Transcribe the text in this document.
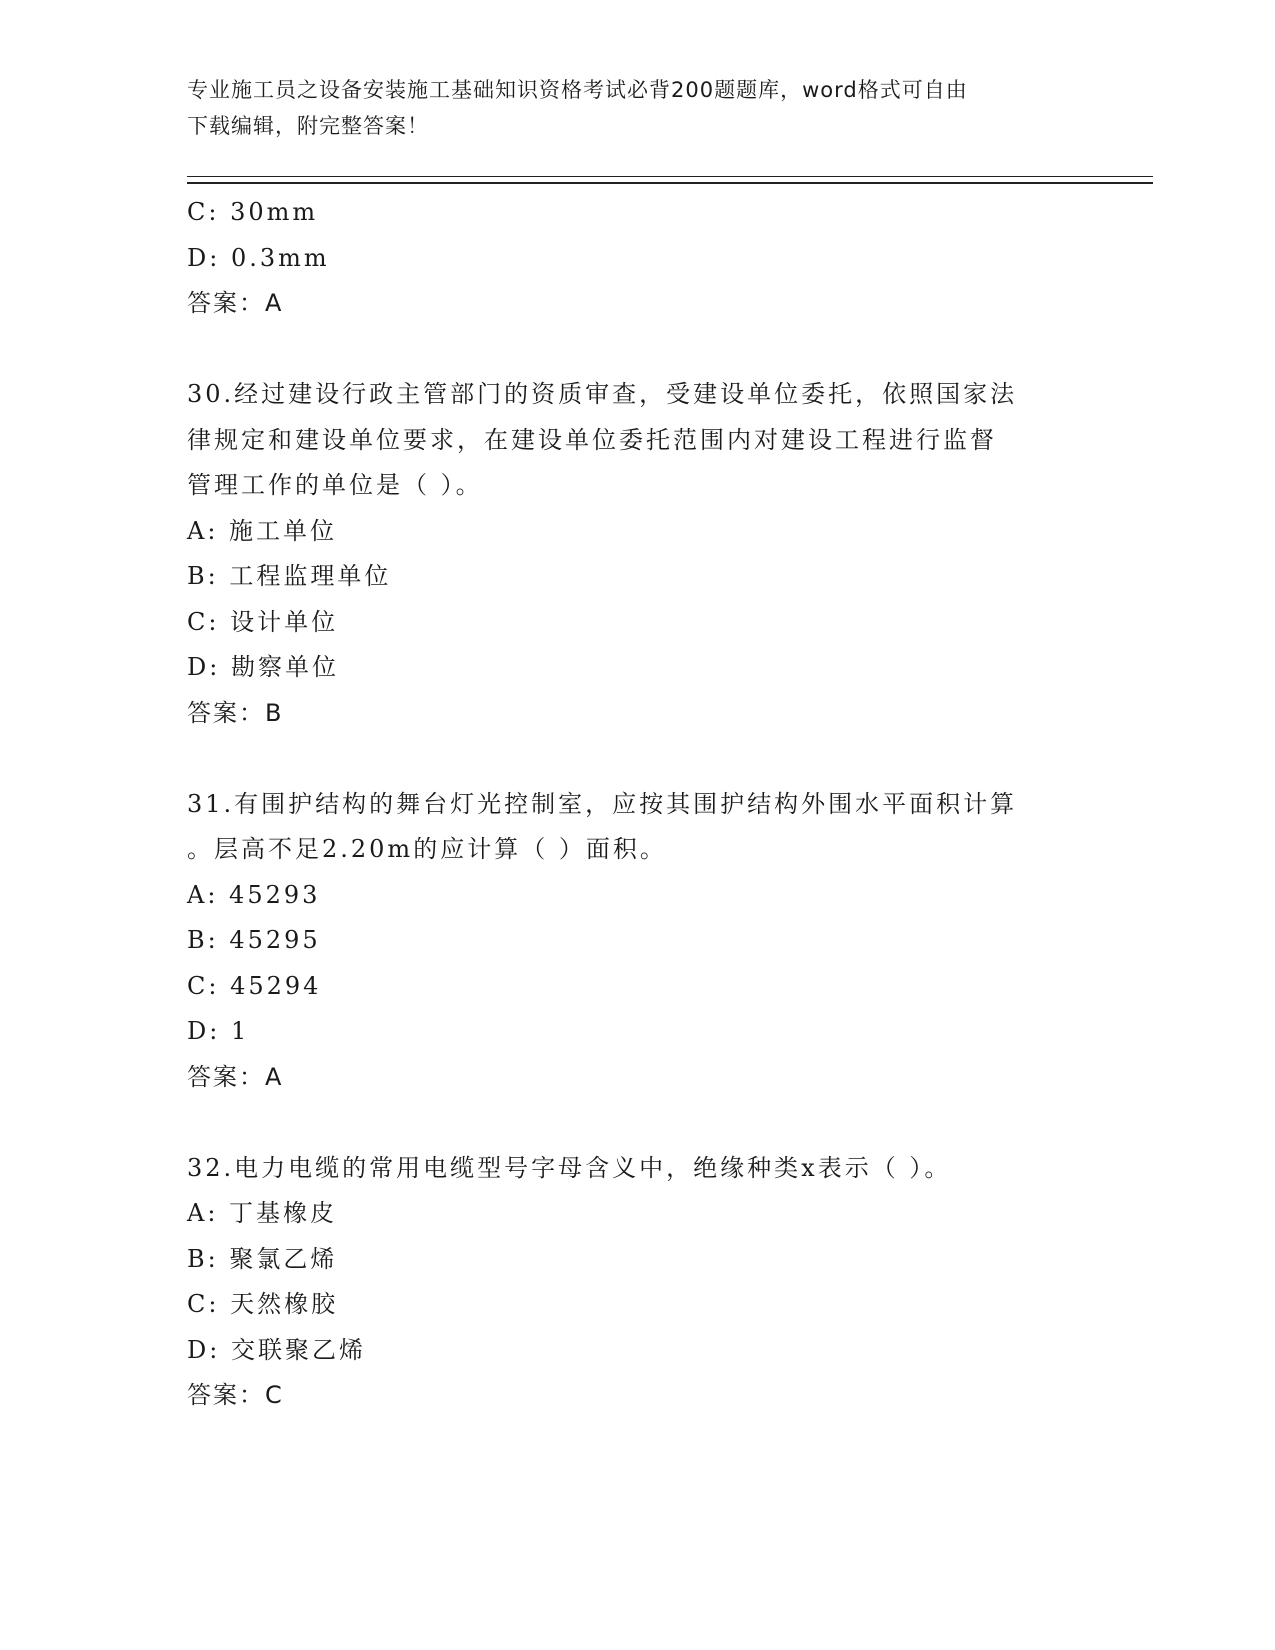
专业施工员之设备安装施工基础知识资格考试必背200题题库，word格式可自由
下载编辑，附完整答案！
C: 30mm
D: 0.3mm
答案：A
30.经过建设行政主管部门的资质审查，受建设单位委托，依照国家法
律规定和建设单位要求，在建设单位委托范围内对建设工程进行监督
管理工作的单位是（ ）。
A: 施工单位
B: 工程监理单位
C: 设计单位
D: 勘察单位
答案：B
31.有围护结构的舞台灯光控制室，应按其围护结构外围水平面积计算
。层高不足2.20m的应计算（ ）面积。
A: 45293
B: 45295
C: 45294
D: 1
答案：A
32.电力电缆的常用电缆型号字母含义中，绝缘种类x表示（ ）。
A: 丁基橡皮
B: 聚氯乙烯
C: 天然橡胶
D: 交联聚乙烯
答案：C
